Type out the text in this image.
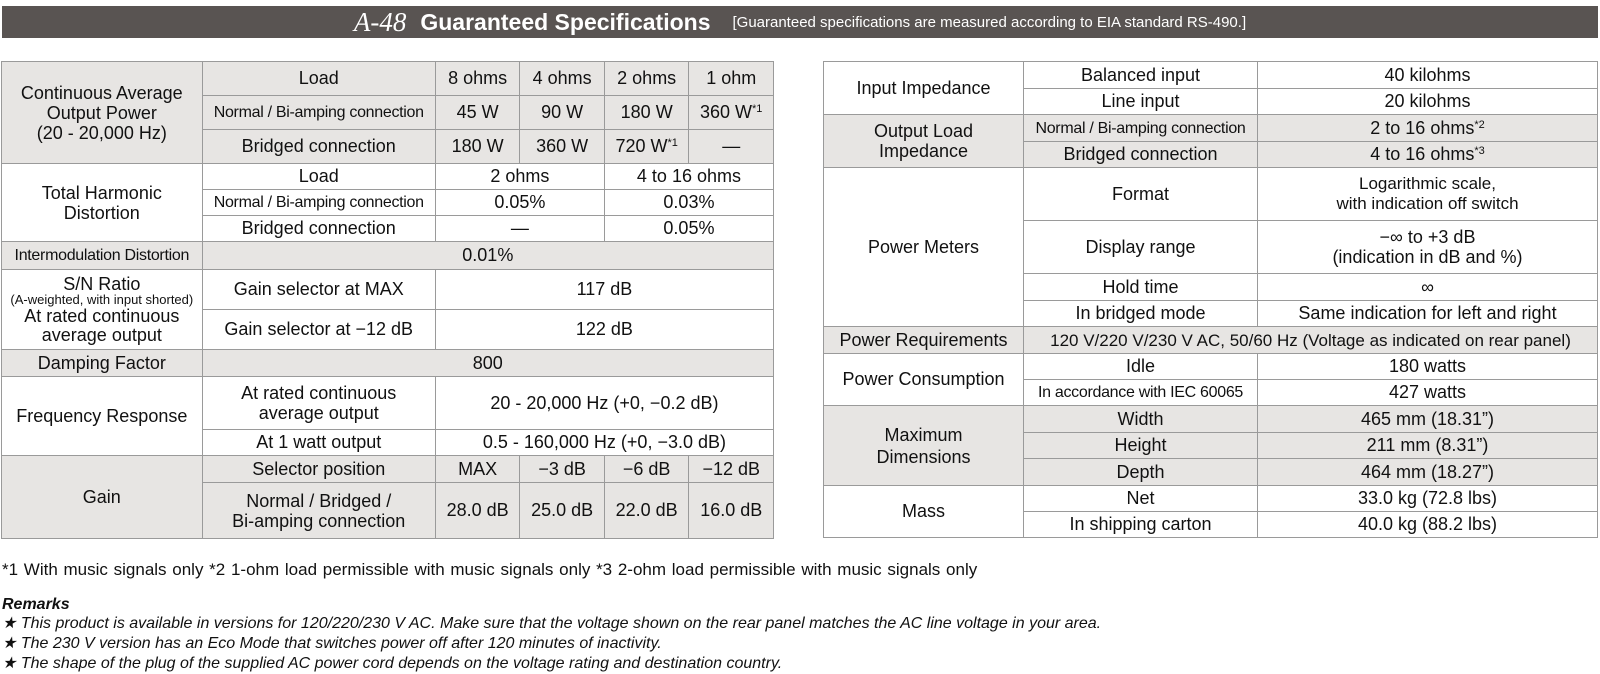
A-48 Guaranteed Specifications [Guaranteed specifications are measured according to EIA standard RS-490.]
Continuous Average
Output Power
(20 - 20,000 Hz)	Load	8 ohms	4 ohms	2 ohms	1 ohm
	Normal / Bi-amping connection	45 W	90 W	180 W	360 $W^{*1}$
	Bridged connection	180 W	360 W	720 $W^{*1}$	—
Total Harmonic
Distortion	Load	2 ohms		4 to 16 ohms	
	Normal / Bi-amping connection	0.05%		0.03%	
	Bridged connection	—		0.05%	
Intermodulation Distortion	0.01%				

S/N Ratio
(A-weighted, with input shorted)
At rated continuous
average output	Gain selector at MAX	117 dB			
	Gain selector at −12 dB	122 dB			
Damping Factor	800				
Frequency Response	At rated continuous
average output	20 - 20,000 Hz (+0, −0.2 dB)			
	At 1 watt output	0.5 - 160,000 Hz (+0, −3.0 dB)			
Gain	Selector position	MAX	−3 dB	−6 dB	−12 dB
	Normal / Bridged /
Bi-amping connection	28.0 dB	25.0 dB	22.0 dB	16.0 dB
Input Impedance	Balanced input	40 kilohms
	Line input	20 kilohms
Output Load
Impedance	Normal / Bi-amping connection	2 to 16 ohms$^{*2}$
	Bridged connection	4 to 16 ohms$^{*3}$
Power Meters	Format	Logarithmic scale,
with indication off switch
	Display range	−∞ to +3 dB
(indication in dB and %)
	Hold time	∞
	In bridged mode	Same indication for left and right
Power Requirements	120 V/220 V/230 V AC, 50/60 Hz (Voltage as indicated on rear panel)	
Power Consumption	Idle	180 watts
	In accordance with IEC 60065	427 watts
Maximum
Dimensions	Width	465 mm (18.31”)
	Height	211 mm (8.31”)
	Depth	464 mm (18.27”)
Mass	Net	33.0 kg (72.8 lbs)
	In shipping carton	40.0 kg (88.2 lbs)
*1 With music signals only *2 1-ohm load permissible with music signals only *3 2-ohm load permissible with music signals only
Remarks
★ This product is available in versions for 120/220/230 V AC. Make sure that the voltage shown on the rear panel matches the AC line voltage in your area.
★ The 230 V version has an Eco Mode that switches power off after 120 minutes of inactivity.
★ The shape of the plug of the supplied AC power cord depends on the voltage rating and destination country.
